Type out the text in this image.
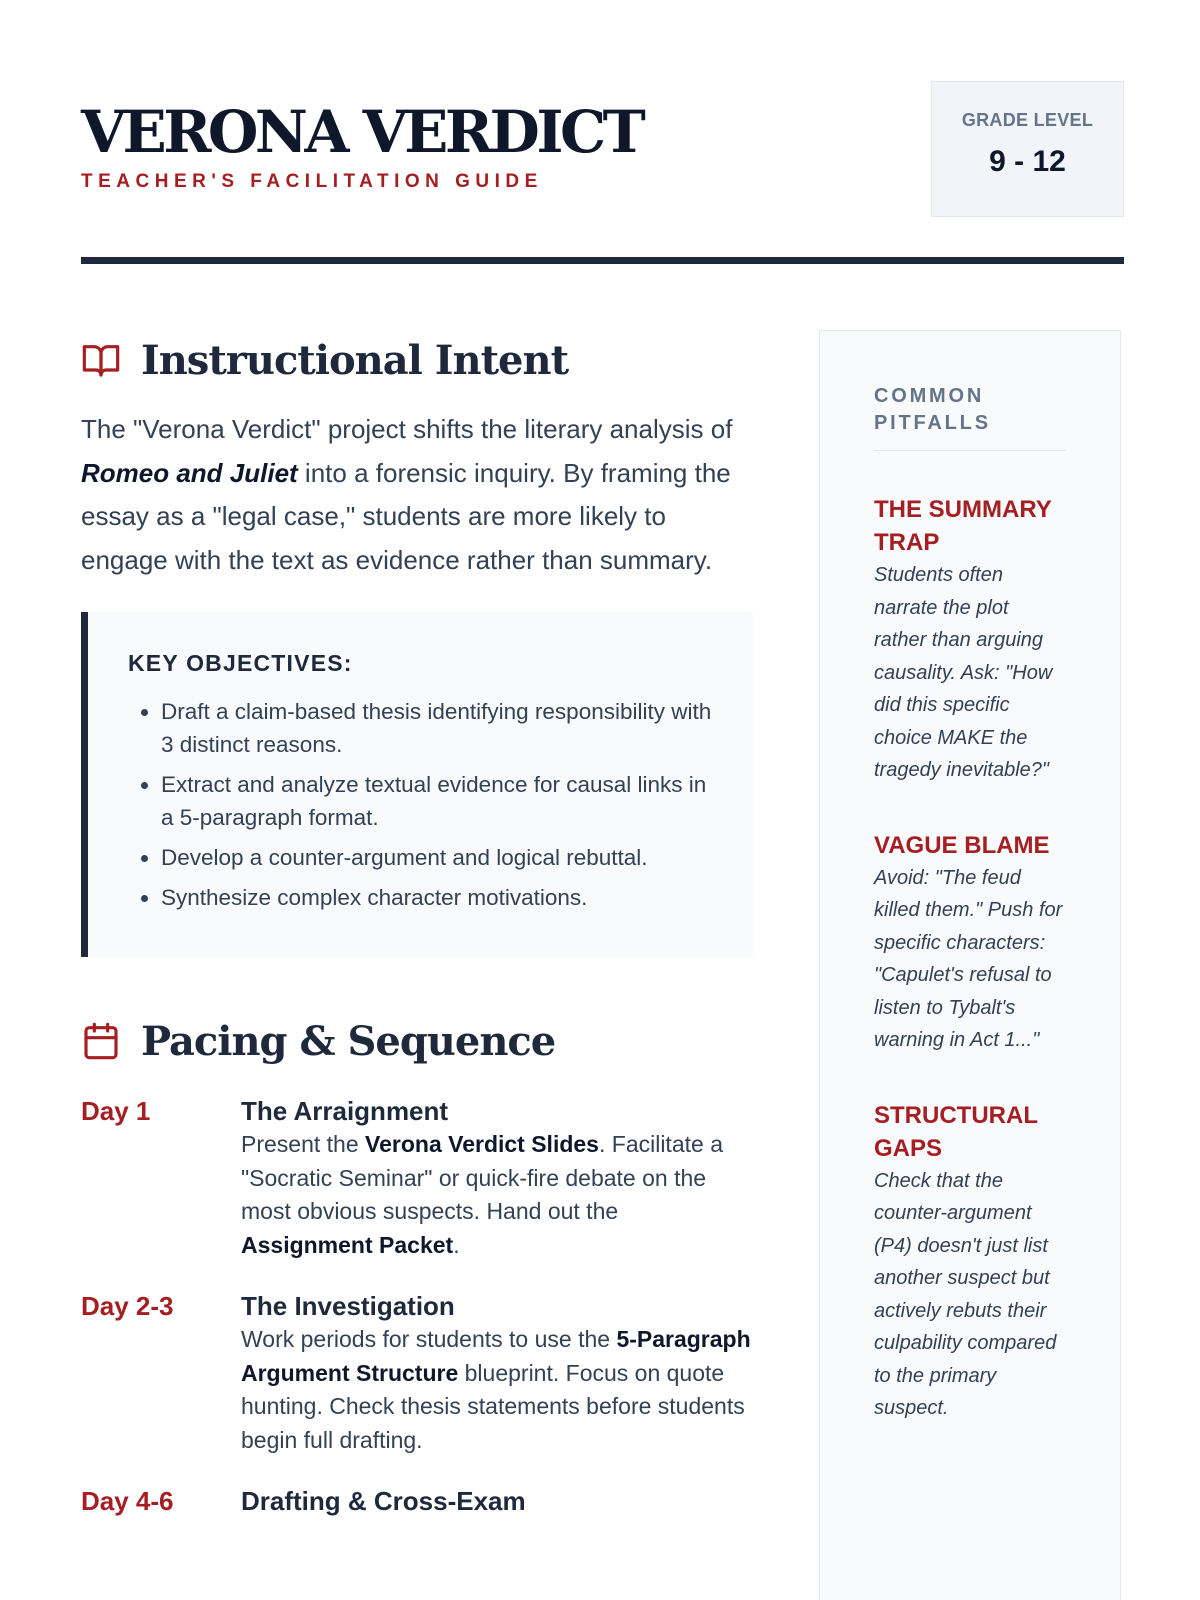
VERONA VERDICT
TEACHER'S FACILITATION GUIDE
GRADE LEVEL
9 - 12
Instructional Intent

The "Verona Verdict" project shifts the literary analysis of Romeo and Juliet into a forensic inquiry. By framing the essay as a "legal case," students are more likely to engage with the text as evidence rather than summary.

KEY OBJECTIVES:
• Draft a claim-based thesis identifying responsibility with 3 distinct reasons.
• Extract and analyze textual evidence for causal links in a 5-paragraph format.
• Develop a counter-argument and logical rebuttal.
• Synthesize complex character motivations.
Pacing & Sequence
Day 1	The Arraignment
Present the Verona Verdict Slides. Facilitate a "Socratic Seminar" or quick-fire debate on the most obvious suspects. Hand out the Assignment Packet.
Day 2-3	The Investigation
Work periods for students to use the 5-Paragraph Argument Structure blueprint. Focus on quote hunting. Check thesis statements before students begin full drafting.
Day 4-6	Drafting & Cross-Exam
COMMON PITFALLS
THE SUMMARY TRAP

Students often narrate the plot rather than arguing causality. Ask: "How did this specific choice MAKE the tragedy inevitable?"

VAGUE BLAME

Avoid: "The feud killed them." Push for specific characters: "Capulet's refusal to listen to Tybalt's warning in Act 1..."

STRUCTURAL GAPS

Check that the counter-argument (P4) doesn't just list another suspect but actively rebuts their culpability compared to the primary suspect.
